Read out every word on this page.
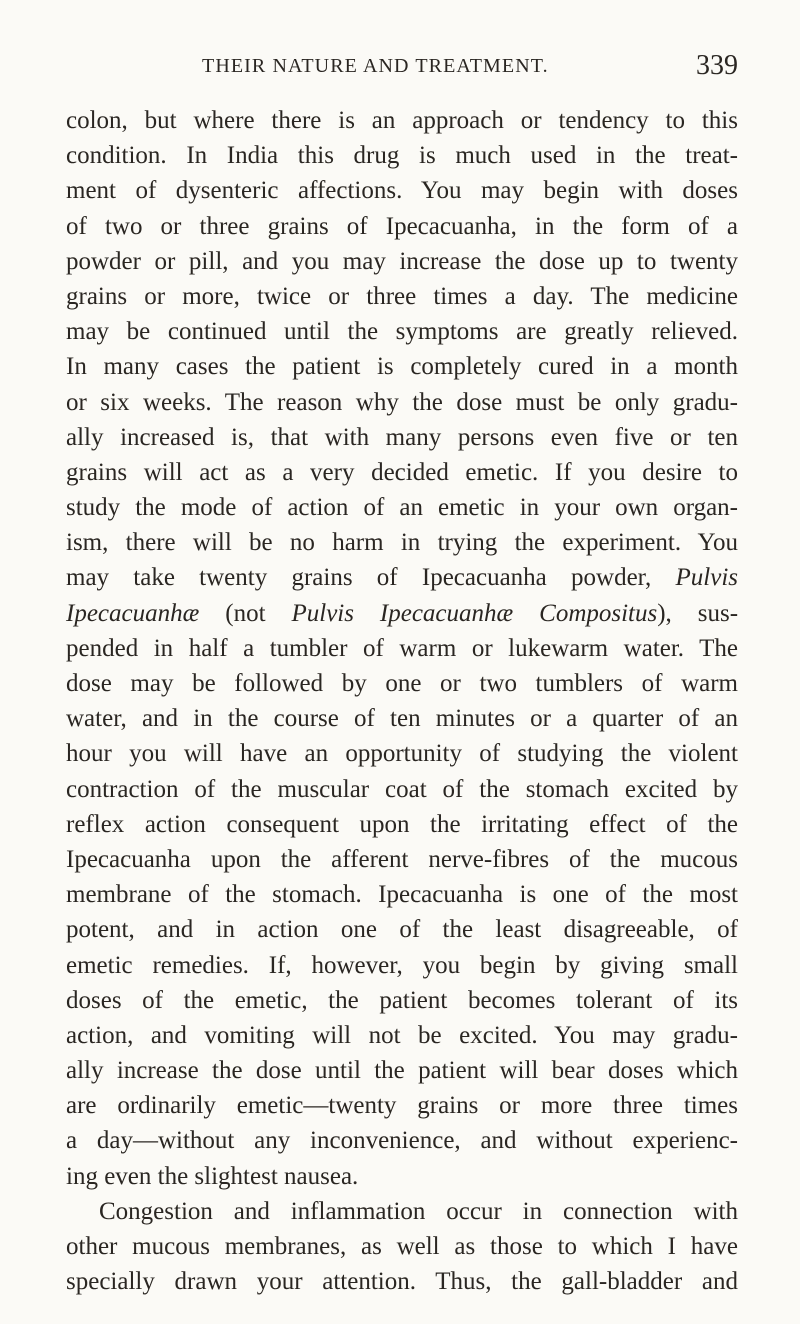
THEIR NATURE AND TREATMENT.	339
colon, but where there is an approach or tendency to this
condition. In India this drug is much used in the treat-
ment of dysenteric affections. You may begin with doses
of two or three grains of Ipecacuanha, in the form of a
powder or pill, and you may increase the dose up to twenty
grains or more, twice or three times a day. The medicine
may be continued until the symptoms are greatly relieved.
In many cases the patient is completely cured in a month
or six weeks. The reason why the dose must be only gradu-
ally increased is, that with many persons even five or ten
grains will act as a very decided emetic. If you desire to
study the mode of action of an emetic in your own organ-
ism, there will be no harm in trying the experiment. You
may take twenty grains of Ipecacuanha powder, Pulvis
Ipecacuanhæ (not Pulvis Ipecacuanhæ Compositus), sus-
pended in half a tumbler of warm or lukewarm water. The
dose may be followed by one or two tumblers of warm
water, and in the course of ten minutes or a quarter of an
hour you will have an opportunity of studying the violent
contraction of the muscular coat of the stomach excited by
reflex action consequent upon the irritating effect of the
Ipecacuanha upon the afferent nerve-fibres of the mucous
membrane of the stomach. Ipecacuanha is one of the most
potent, and in action one of the least disagreeable, of
emetic remedies. If, however, you begin by giving small
doses of the emetic, the patient becomes tolerant of its
action, and vomiting will not be excited. You may gradu-
ally increase the dose until the patient will bear doses which
are ordinarily emetic—twenty grains or more three times
a day—without any inconvenience, and without experienc-
ing even the slightest nausea.
Congestion and inflammation occur in connection with
other mucous membranes, as well as those to which I have
specially drawn your attention. Thus, the gall-bladder and
